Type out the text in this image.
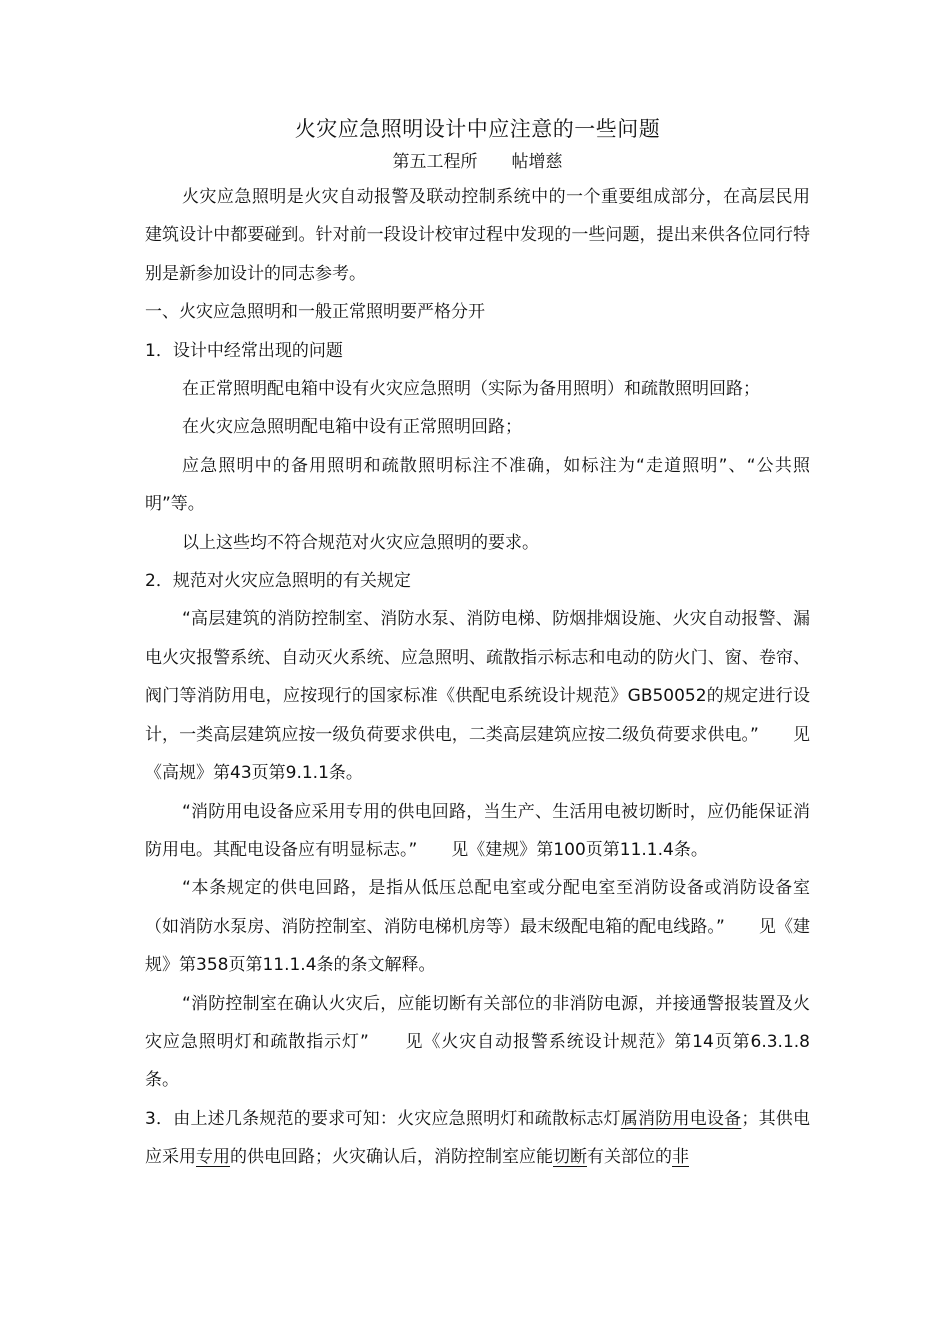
火灾应急照明设计中应注意的一些问题
第五工程所　　帖增慈

火灾应急照明是火灾自动报警及联动控制系统中的一个重要组成部分，在高层民用建筑设计中都要碰到。针对前一段设计校审过程中发现的一些问题，提出来供各位同行特别是新参加设计的同志参考。

一、火灾应急照明和一般正常照明要严格分开

1．设计中经常出现的问题

在正常照明配电箱中设有火灾应急照明（实际为备用照明）和疏散照明回路；

在火灾应急照明配电箱中设有正常照明回路；

应急照明中的备用照明和疏散照明标注不准确，如标注为“走道照明”、“公共照明”等。

以上这些均不符合规范对火灾应急照明的要求。

2．规范对火灾应急照明的有关规定

“高层建筑的消防控制室、消防水泵、消防电梯、防烟排烟设施、火灾自动报警、漏电火灾报警系统、自动灭火系统、应急照明、疏散指示标志和电动的防火门、窗、卷帘、阀门等消防用电，应按现行的国家标准《供配电系统设计规范》GB50052的规定进行设计，一类高层建筑应按一级负荷要求供电，二类高层建筑应按二级负荷要求供电。”　　见《高规》第43页第9.1.1条。

“消防用电设备应采用专用的供电回路，当生产、生活用电被切断时，应仍能保证消防用电。其配电设备应有明显标志。”　　见《建规》第100页第11.1.4条。

“本条规定的供电回路，是指从低压总配电室或分配电室至消防设备或消防设备室（如消防水泵房、消防控制室、消防电梯机房等）最末级配电箱的配电线路。”　　见《建规》第358页第11.1.4条的条文解释。

“消防控制室在确认火灾后，应能切断有关部位的非消防电源，并接通警报装置及火灾应急照明灯和疏散指示灯”　　见《火灾自动报警系统设计规范》第14页第6.3.1.8条。

3．由上述几条规范的要求可知：火灾应急照明灯和疏散标志灯属消防用电设备；其供电应采用专用的供电回路；火灾确认后，消防控制室应能切断有关部位的非
